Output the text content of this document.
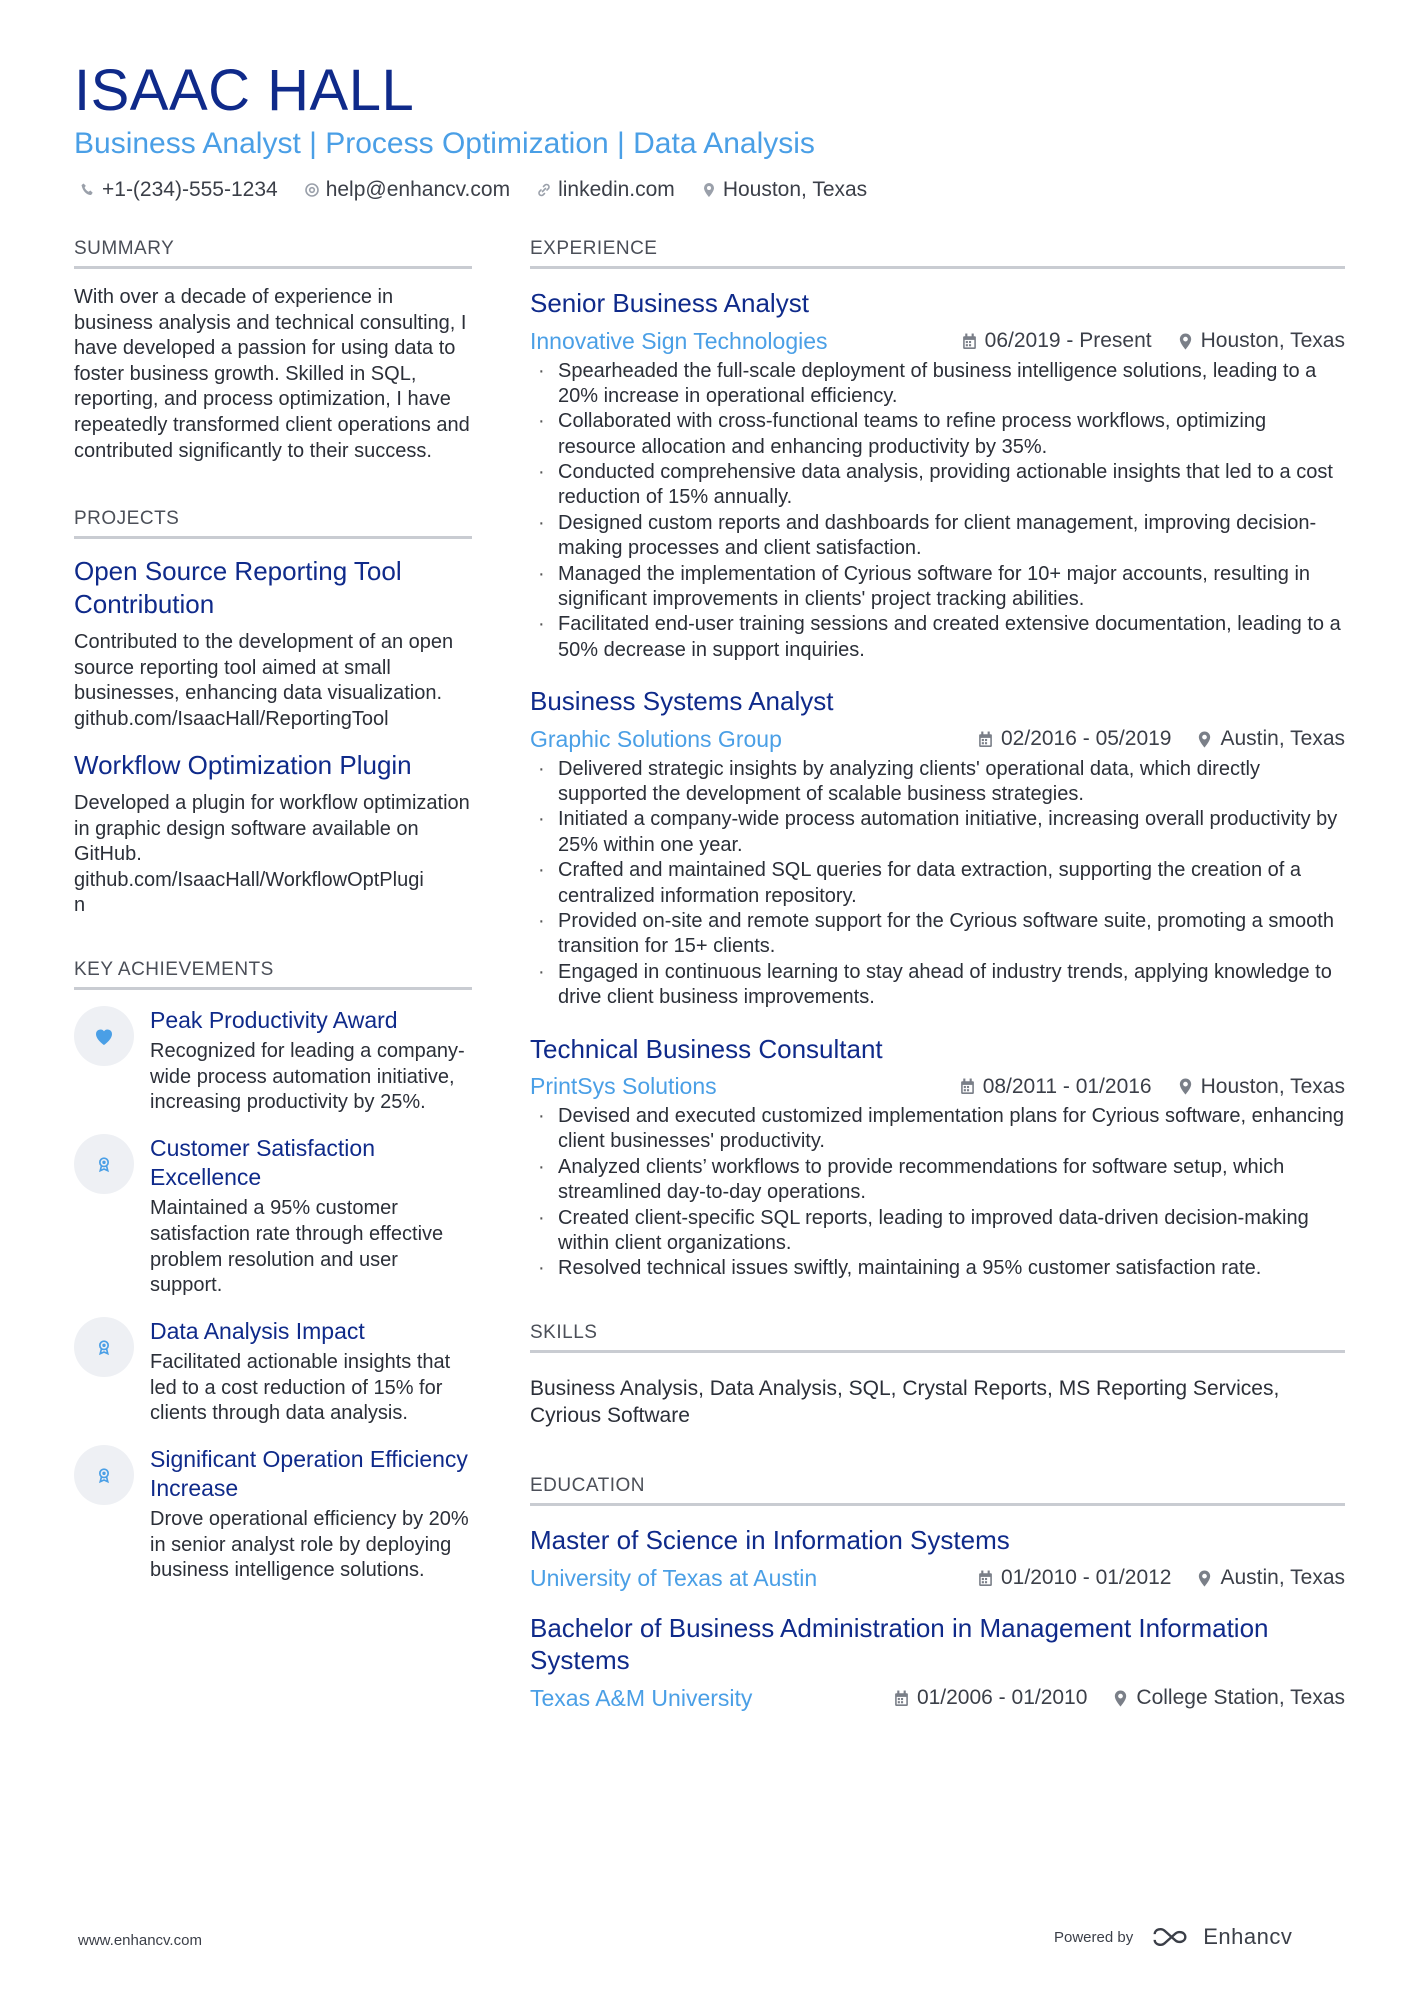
ISAAC HALL
Business Analyst | Process Optimization | Data Analysis
+1-(234)-555-1234 help@enhancv.com linkedin.com Houston, Texas
SUMMARY
With over a decade of experience in business analysis and technical consulting, I have developed a passion for using data to foster business growth. Skilled in SQL, reporting, and process optimization, I have repeatedly transformed client operations and contributed significantly to their success.
PROJECTS
Open Source Reporting Tool Contribution
Contributed to the development of an open source reporting tool aimed at small businesses, enhancing data visualization.
github.com/IsaacHall/ReportingTool
Workflow Optimization Plugin
Developed a plugin for workflow optimization in graphic design software available on GitHub.
github.com/IsaacHall/WorkflowOptPlugi
n
KEY ACHIEVEMENTS
Peak Productivity Award
Recognized for leading a company-wide process automation initiative, increasing productivity by 25%.
Customer Satisfaction Excellence
Maintained a 95% customer satisfaction rate through effective problem resolution and user support.
Data Analysis Impact
Facilitated actionable insights that led to a cost reduction of 15% for clients through data analysis.
Significant Operation Efficiency Increase
Drove operational efficiency by 20% in senior analyst role by deploying business intelligence solutions.
EXPERIENCE
Senior Business Analyst
Innovative Sign Technologies	06/2019 - Present Houston, Texas
· Spearheaded the full-scale deployment of business intelligence solutions, leading to a 20% increase in operational efficiency.
· Collaborated with cross-functional teams to refine process workflows, optimizing resource allocation and enhancing productivity by 35%.
· Conducted comprehensive data analysis, providing actionable insights that led to a cost reduction of 15% annually.
· Designed custom reports and dashboards for client management, improving decision-making processes and client satisfaction.
· Managed the implementation of Cyrious software for 10+ major accounts, resulting in significant improvements in clients' project tracking abilities.
· Facilitated end-user training sessions and created extensive documentation, leading to a 50% decrease in support inquiries.
Business Systems Analyst
Graphic Solutions Group	02/2016 - 05/2019 Austin, Texas
· Delivered strategic insights by analyzing clients' operational data, which directly supported the development of scalable business strategies.
· Initiated a company-wide process automation initiative, increasing overall productivity by 25% within one year.
· Crafted and maintained SQL queries for data extraction, supporting the creation of a centralized information repository.
· Provided on-site and remote support for the Cyrious software suite, promoting a smooth transition for 15+ clients.
· Engaged in continuous learning to stay ahead of industry trends, applying knowledge to drive client business improvements.
Technical Business Consultant
PrintSys Solutions	08/2011 - 01/2016 Houston, Texas
· Devised and executed customized implementation plans for Cyrious software, enhancing client businesses' productivity.
· Analyzed clients’ workflows to provide recommendations for software setup, which streamlined day-to-day operations.
· Created client-specific SQL reports, leading to improved data-driven decision-making within client organizations.
· Resolved technical issues swiftly, maintaining a 95% customer satisfaction rate.
SKILLS
Business Analysis, Data Analysis, SQL, Crystal Reports, MS Reporting Services, Cyrious Software
EDUCATION
Master of Science in Information Systems
University of Texas at Austin	01/2010 - 01/2012 Austin, Texas
Bachelor of Business Administration in Management Information Systems
Texas A&M University	01/2006 - 01/2010 College Station, Texas
www.enhancv.com	Powered by	Enhancv
